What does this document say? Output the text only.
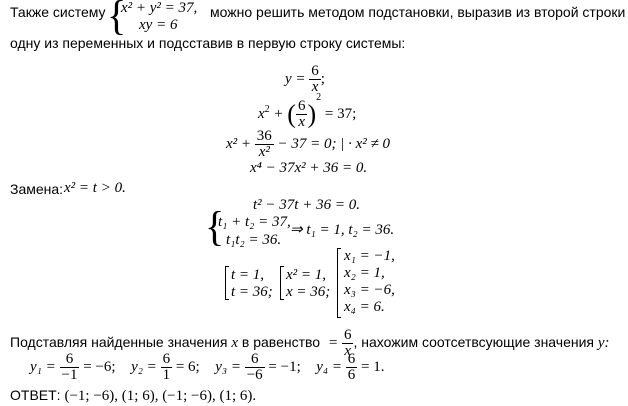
Также систему {
x² + y² = 37,
xy = 6
можно решить методом подстановки, выразив из второй строки
одну из переменных и подсставив в первую строку системы:
$y = \frac{6}{x}$ ;
$x^2$ + ( $\frac{6}{x} )^2 = 37$;
$x^2 + \frac{36}{\text{x²}} - 37 = 0$; | · x² ≠ 0
x⁴ − 37x² + 36 = 0.
Замена: x² = t > 0.
t² − 37t + 36 = 0.
{
t₁ + t₂ = 37,
t₁t₂ = 36.
⇒ t₁ = 1, t₂ = 36.
t = 1,
t = 36;
x² = 1,
x = 36;
x₁ = −1,
x₂ = 1,
x₃ = −6,
x₄ = 6.
Подставляя найденные значения x в равенство = $\frac{6}{x}$ , нахожим соотсетвсующие значения y:
$y_1 = \frac{6}{-1} = -6$; $y_2 = \frac{6}{1} = 6$; $y_3 = \frac{6}{-6} = -1$; $y_4 = \frac{6}{6} = 1$.
ОТВЕТ: (−1; −6), (1; 6), (−1; −6), (1; 6).
